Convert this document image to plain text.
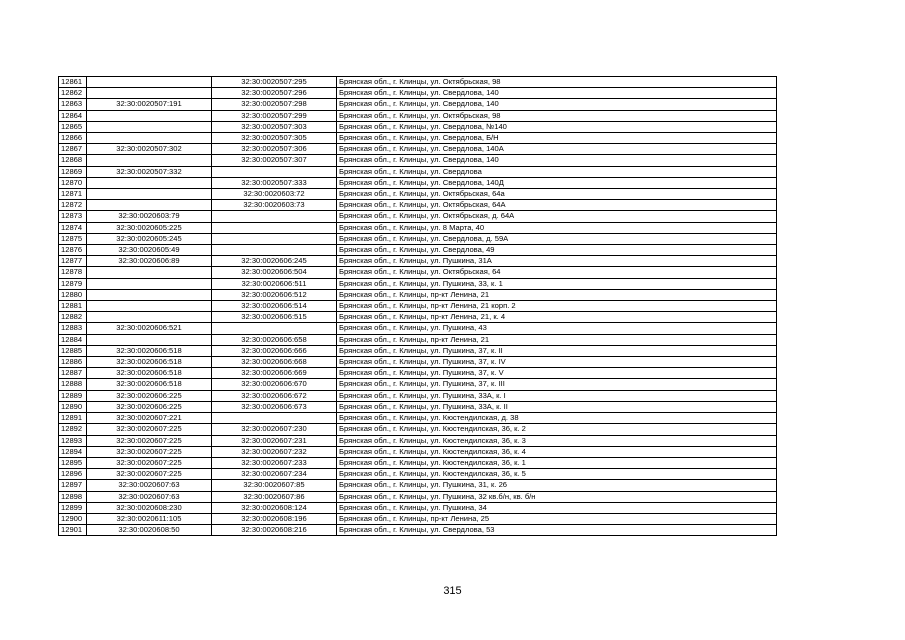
12861		32:30:0020507:295	Брянская обл., г. Клинцы, ул. Октябрьская, 98
12862		32:30:0020507:296	Брянская обл., г. Клинцы, ул. Свердлова, 140
12863	32:30:0020507:191	32:30:0020507:298	Брянская обл., г. Клинцы, ул. Свердлова, 140
12864		32:30:0020507:299	Брянская обл., г. Клинцы, ул. Октябрьская, 98
12865		32:30:0020507:303	Брянская обл., г. Клинцы, ул. Свердлова, №140
12866		32:30:0020507:305	Брянская обл., г. Клинцы, ул. Свердлова, Б/Н
12867	32:30:0020507:302	32:30:0020507:306	Брянская обл., г. Клинцы, ул. Свердлова, 140А
12868		32:30:0020507:307	Брянская обл., г. Клинцы, ул. Свердлова, 140
12869	32:30:0020507:332		Брянская обл., г. Клинцы, ул. Свердлова
12870		32:30:0020507:333	Брянская обл., г. Клинцы, ул. Свердлова, 140Д
12871		32:30:0020603:72	Брянская обл., г. Клинцы, ул. Октябрьская, 64а
12872		32:30:0020603:73	Брянская обл., г. Клинцы, ул. Октябрьская, 64А
12873	32:30:0020603:79		Брянская обл., г. Клинцы, ул. Октябрьская, д. 64А
12874	32:30:0020605:225		Брянская обл., г. Клинцы, ул. 8 Марта, 40
12875	32:30:0020605:245		Брянская обл., г. Клинцы, ул. Свердлова, д. 59А
12876	32:30:0020605:49		Брянская обл., г. Клинцы, ул. Свердлова, 49
12877	32:30:0020606:89	32:30:0020606:245	Брянская обл., г. Клинцы, ул. Пушкина, 31А
12878		32:30:0020606:504	Брянская обл., г. Клинцы, ул. Октябрьская, 64
12879		32:30:0020606:511	Брянская обл., г. Клинцы, ул. Пушкина, 33, к. 1
12880		32:30:0020606:512	Брянская обл., г. Клинцы, пр-кт Ленина, 21
12881		32:30:0020606:514	Брянская обл., г. Клинцы, пр-кт Ленина, 21 корп. 2
12882		32:30:0020606:515	Брянская обл., г. Клинцы, пр-кт Ленина, 21, к. 4
12883	32:30:0020606:521		Брянская обл., г. Клинцы, ул. Пушкина, 43
12884		32:30:0020606:658	Брянская обл., г. Клинцы, пр-кт Ленина, 21
12885	32:30:0020606:518	32:30:0020606:666	Брянская обл., г. Клинцы, ул. Пушкина, 37, к. II
12886	32:30:0020606:518	32:30:0020606:668	Брянская обл., г. Клинцы, ул. Пушкина, 37, к. IV
12887	32:30:0020606:518	32:30:0020606:669	Брянская обл., г. Клинцы, ул. Пушкина, 37, к. V
12888	32:30:0020606:518	32:30:0020606:670	Брянская обл., г. Клинцы, ул. Пушкина, 37, к. III
12889	32:30:0020606:225	32:30:0020606:672	Брянская обл., г. Клинцы, ул. Пушкина, 33А, к. I
12890	32:30:0020606:225	32:30:0020606:673	Брянская обл., г. Клинцы, ул. Пушкина, 33А, к. II
12891	32:30:0020607:221		Брянская обл., г. Клинцы, ул. Кюстендилская, д. 38
12892	32:30:0020607:225	32:30:0020607:230	Брянская обл., г. Клинцы, ул. Кюстендилская, 36, к. 2
12893	32:30:0020607:225	32:30:0020607:231	Брянская обл., г. Клинцы, ул. Кюстендилская, 36, к. 3
12894	32:30:0020607:225	32:30:0020607:232	Брянская обл., г. Клинцы, ул. Кюстендилская, 36, к. 4
12895	32:30:0020607:225	32:30:0020607:233	Брянская обл., г. Клинцы, ул. Кюстендилская, 36, к. 1
12896	32:30:0020607:225	32:30:0020607:234	Брянская обл., г. Клинцы, ул. Кюстендилская, 36, к. 5
12897	32:30:0020607:63	32:30:0020607:85	Брянская обл., г. Клинцы, ул. Пушкина, 31, к. 26
12898	32:30:0020607:63	32:30:0020607:86	Брянская обл., г. Клинцы, ул. Пушкина, 32 кв.б/н, кв. б/н
12899	32:30:0020608:230	32:30:0020608:124	Брянская обл., г. Клинцы, ул. Пушкина, 34
12900	32:30:0020611:105	32:30:0020608:196	Брянская обл., г. Клинцы, пр-кт Ленина, 25
12901	32:30:0020608:50	32:30:0020608:216	Брянская обл., г. Клинцы, ул. Свердлова, 53
315
